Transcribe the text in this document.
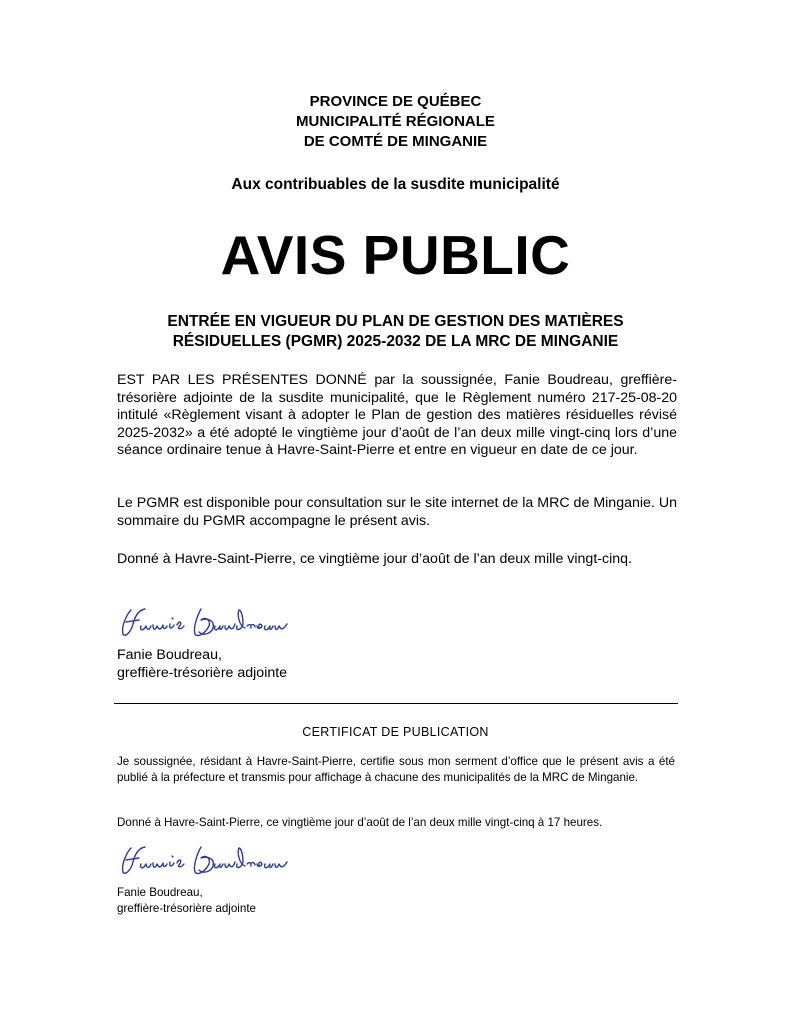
PROVINCE DE QUÉBEC
MUNICIPALITÉ RÉGIONALE
DE COMTÉ DE MINGANIE
Aux contribuables de la susdite municipalité
AVIS PUBLIC
ENTRÉE EN VIGUEUR DU PLAN DE GESTION DES MATIÈRES
RÉSIDUELLES (PGMR) 2025-2032 DE LA MRC DE MINGANIE
EST PAR LES PRÉSENTES DONNÉ par la soussignée, Fanie Boudreau, greffière-trésorière adjointe de la susdite municipalité, que le Règlement numéro 217-25-08-20 intitulé «Règlement visant à adopter le Plan de gestion des matières résiduelles révisé 2025-2032» a été adopté le vingtième jour d’août de l’an deux mille vingt-cinq lors d’une séance ordinaire tenue à Havre-Saint-Pierre et entre en vigueur en date de ce jour.
Le PGMR est disponible pour consultation sur le site internet de la MRC de Minganie. Un sommaire du PGMR accompagne le présent avis.
Donné à Havre-Saint-Pierre, ce vingtième jour d’août de l’an deux mille vingt-cinq.
Fanie Boudreau,
greffière-trésorière adjointe
CERTIFICAT DE PUBLICATION
Je soussignée, résidant à Havre-Saint-Pierre, certifie sous mon serment d’office que le présent avis a été publié à la préfecture et transmis pour affichage à chacune des municipalités de la MRC de Minganie.
Donné à Havre-Saint-Pierre, ce vingtième jour d’août de l’an deux mille vingt-cinq à 17 heures.
Fanie Boudreau,
greffière-trésorière adjointe
